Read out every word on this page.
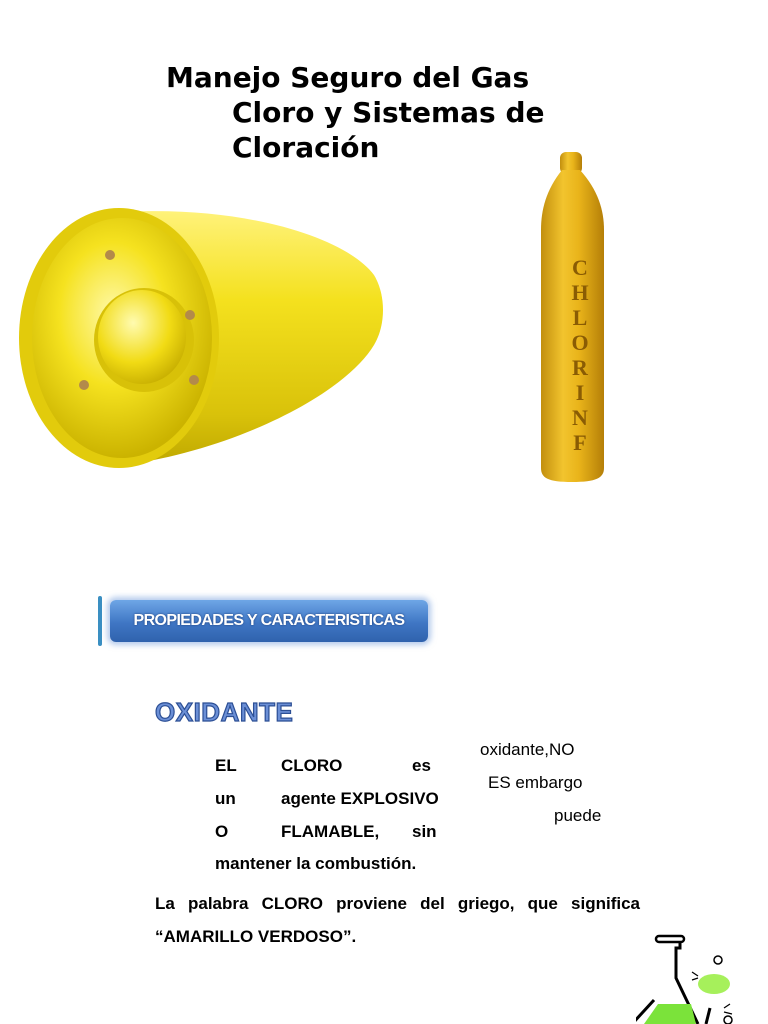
Manejo Seguro del Gas
Cloro y Sistemas de
Cloración
C
H
L
O
R
I
N
F
PROPIEDADES Y CARACTERISTICAS
OXIDANTE
EL	CLORO	es
un	agente EXPLOSIVO
O	FLAMABLE, sin
mantener la combustión.
oxidante,NO
ES embargo
puede
La palabra CLORO proviene del griego, que significa “AMARILLO VERDOSO”.
